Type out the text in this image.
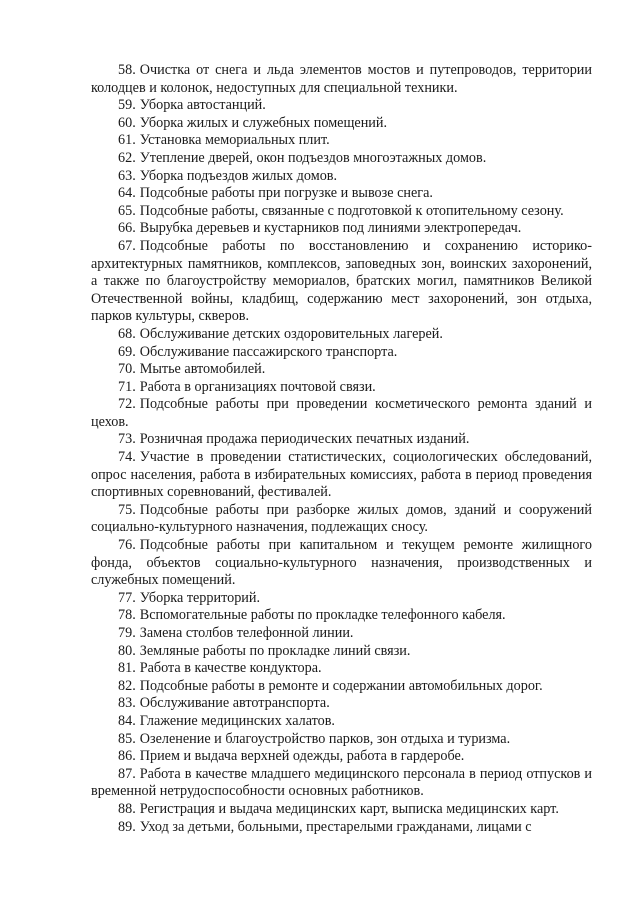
58. Очистка от снега и льда элементов мостов и путепроводов, территории колодцев и колонок, недоступных для специальной техники.

59. Уборка автостанций.

60. Уборка жилых и служебных помещений.

61. Установка мемориальных плит.

62. Утепление дверей, окон подъездов многоэтажных домов.

63. Уборка подъездов жилых домов.

64. Подсобные работы при погрузке и вывозе снега.

65. Подсобные работы, связанные с подготовкой к отопительному сезону.

66. Вырубка деревьев и кустарников под линиями электропередач.

67. Подсобные работы по восстановлению и сохранению историко-архитектурных памятников, комплексов, заповедных зон, воинских захоронений, а также по благоустройству мемориалов, братских могил, памятников Великой Отечественной войны, кладбищ, содержанию мест захоронений, зон отдыха, парков культуры, скверов.

68. Обслуживание детских оздоровительных лагерей.

69. Обслуживание пассажирского транспорта.

70. Мытье автомобилей.

71. Работа в организациях почтовой связи.

72. Подсобные работы при проведении косметического ремонта зданий и цехов.

73. Розничная продажа периодических печатных изданий.

74. Участие в проведении статистических, социологических обследований, опрос населения, работа в избирательных комиссиях, работа в период проведения спортивных соревнований, фестивалей.

75. Подсобные работы при разборке жилых домов, зданий и сооружений социально-культурного назначения, подлежащих сносу.

76. Подсобные работы при капитальном и текущем ремонте жилищного фонда, объектов социально-культурного назначения, производственных и служебных помещений.

77. Уборка территорий.

78. Вспомогательные работы по прокладке телефонного кабеля.

79. Замена столбов телефонной линии.

80. Земляные работы по прокладке линий связи.

81. Работа в качестве кондуктора.

82. Подсобные работы в ремонте и содержании автомобильных дорог.

83. Обслуживание автотранспорта.

84. Глажение медицинских халатов.

85. Озеленение и благоустройство парков, зон отдыха и туризма.

86. Прием и выдача верхней одежды, работа в гардеробе.

87. Работа в качестве младшего медицинского персонала в период отпусков и временной нетрудоспособности основных работников.

88. Регистрация и выдача медицинских карт, выписка медицинских карт.

89. Уход за детьми, больными, престарелыми гражданами, лицами с
